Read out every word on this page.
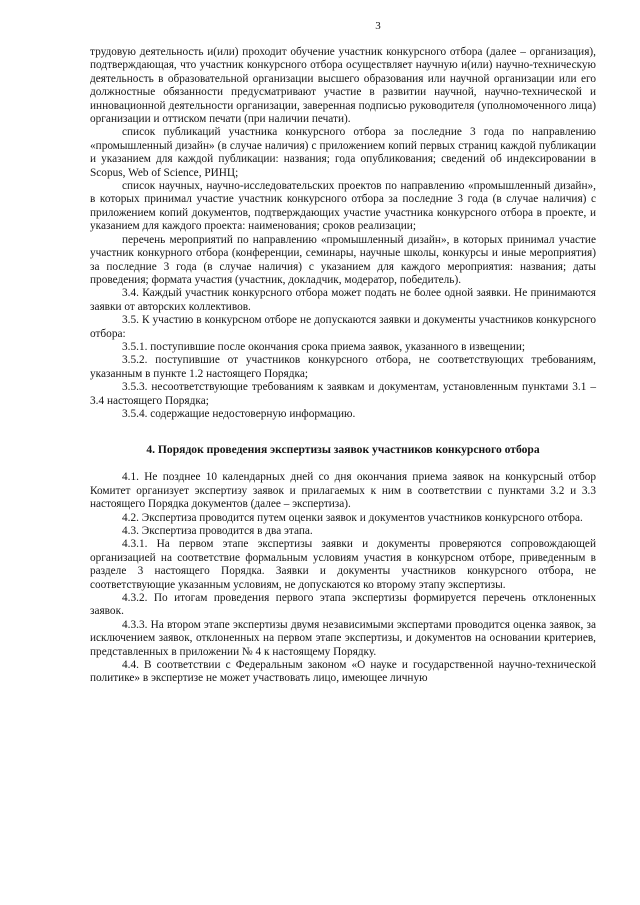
3

трудовую деятельность и(или) проходит обучение участник конкурсного отбора (далее – организация), подтверждающая, что участник конкурсного отбора осуществляет научную и(или) научно-техническую деятельность в образовательной организации высшего образования или научной организации или его должностные обязанности предусматривают участие в развитии научной, научно-технической и инновационной деятельности организации, заверенная подписью руководителя (уполномоченного лица) организации и оттиском печати (при наличии печати).

список публикаций участника конкурсного отбора за последние 3 года по направлению «промышленный дизайн» (в случае наличия) с приложением копий первых страниц каждой публикации и указанием для каждой публикации: названия; года опубликования; сведений об индексировании в Scopus, Web of Science, РИНЦ;

список научных, научно-исследовательских проектов по направлению «промышленный дизайн», в которых принимал участие участник конкурсного отбора за последние 3 года (в случае наличия) с приложением копий документов, подтверждающих участие участника конкурсного отбора в проекте, и указанием для каждого проекта: наименования; сроков реализации;

перечень мероприятий по направлению «промышленный дизайн», в которых принимал участие участник конкурного отбора (конференции, семинары, научные школы, конкурсы и иные мероприятия) за последние 3 года (в случае наличия) с указанием для каждого мероприятия: названия; даты проведения; формата участия (участник, докладчик, модератор, победитель).

3.4. Каждый участник конкурсного отбора может подать не более одной заявки. Не принимаются заявки от авторских коллективов.

3.5. К участию в конкурсном отборе не допускаются заявки и документы участников конкурсного отбора:

3.5.1. поступившие после окончания срока приема заявок, указанного в извещении;

3.5.2. поступившие от участников конкурсного отбора, не соответствующих требованиям, указанным в пункте 1.2 настоящего Порядка;

3.5.3. несоответствующие требованиям к заявкам и документам, установленным пунктами 3.1 – 3.4 настоящего Порядка;

3.5.4. содержащие недостоверную информацию.

4. Порядок проведения экспертизы заявок участников конкурсного отбора

4.1. Не позднее 10 календарных дней со дня окончания приема заявок на конкурсный отбор Комитет организует экспертизу заявок и прилагаемых к ним в соответствии с пунктами 3.2 и 3.3 настоящего Порядка документов (далее – экспертиза).

4.2. Экспертиза проводится путем оценки заявок и документов участников конкурсного отбора.

4.3. Экспертиза проводится в два этапа.

4.3.1. На первом этапе экспертизы заявки и документы проверяются сопровождающей организацией на соответствие формальным условиям участия в конкурсном отборе, приведенным в разделе 3 настоящего Порядка. Заявки и документы участников конкурсного отбора, не соответствующие указанным условиям, не допускаются ко второму этапу экспертизы.

4.3.2. По итогам проведения первого этапа экспертизы формируется перечень отклоненных заявок.

4.3.3. На втором этапе экспертизы двумя независимыми экспертами проводится оценка заявок, за исключением заявок, отклоненных на первом этапе экспертизы, и документов на основании критериев, представленных в приложении № 4 к настоящему Порядку.

4.4. В соответствии с Федеральным законом «О науке и государственной научно-технической политике» в экспертизе не может участвовать лицо, имеющее личную
